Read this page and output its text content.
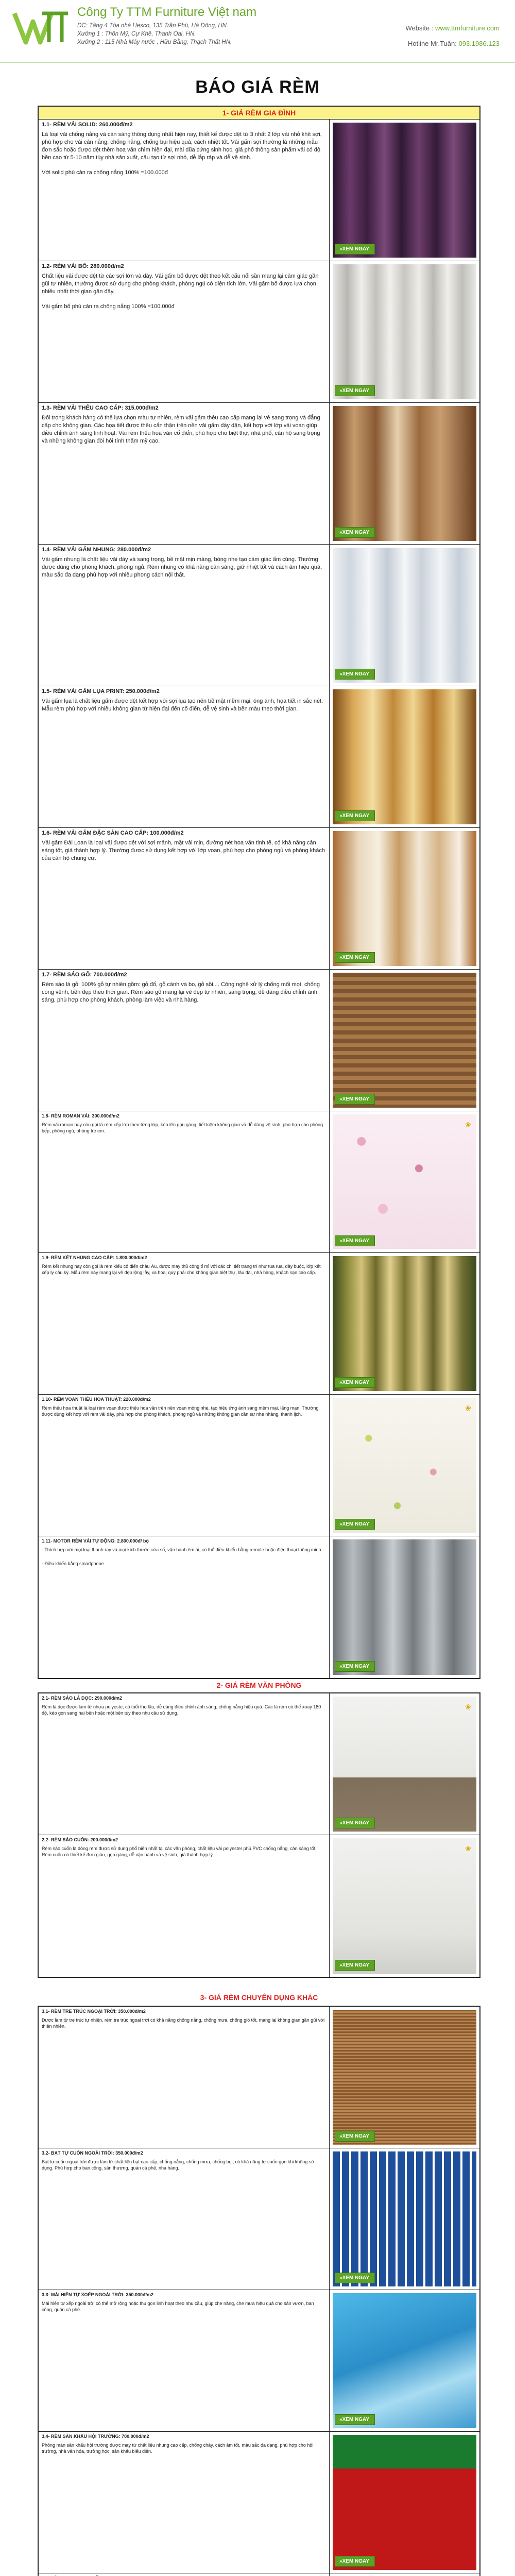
Công Ty TTM Furniture Việt nam
ĐC: Tầng 4 Tòa nhà Hesco, 135 Trần Phú, Hà Đông, HN.
Xưởng 1 : Thôn Mỹ, Cự Khê, Thanh Oai, HN.
Xưởng 2 : 115 Nhà Máy nước , Hữu Bằng, Thạch Thất HN.
Website : www.ttmfurniture.com
Hotline Mr.Tuấn: 093.1986.123
BÁO GIÁ RÈM
1- GIÁ RÈM GIA ĐÌNH
1.1- RÈM VẢI SOLID: 260.000đ/m2
Là loại vải chống nắng và cản sáng thông dụng nhất hiện nay, thiết kế được dệt từ 3 nhất 2 lớp vải nhỏ khít sợi, phù hợp cho vải cản nắng, chống nắng, chống bụi hiệu quả, cách nhiệt tốt. Vải gấm sợi thường là những mẫu đơn sắc hoặc được dệt thêm hoa văn chìm hiện đại, mài dũa cứng sinh học, giá phổ thông sản phẩm vải có độ bền cao từ 5-10 năm tùy nhà sản xuất, cấu tạo từ sợi nhỏ, dễ lắp ráp và dễ vệ sinh.
Với solid phù cản ra chống nắng 100% =100.000đ
» XEM NGAY
1.2- RÈM VẢI BỐ: 280.000đ/m2
Chất liệu vải được dệt từ các sợi lớn và dày. Vải gấm bố được dệt theo kết cấu nổi sần mang lại cảm giác gần gũi tự nhiên, thường được sử dụng cho phòng khách, phòng ngủ có diện tích lớn. Vải gấm bố được lựa chọn nhiều nhất thời gian gần đây.
Vải gấm bố phù cản ra chống nắng 100% =100.000đ
» XEM NGAY
1.3- RÈM VẢI THÊU CAO CẤP: 315.000đ/m2
Đối trọng khách hàng có thể lựa chọn màu tự nhiên, rèm vải gấm thêu cao cấp mang lại vẻ sang trọng và đẳng cấp cho không gian. Các họa tiết được thêu cẩn thận trên nền vải gấm dày dặn, kết hợp với lớp vải voan giúp điều chỉnh ánh sáng linh hoạt. Vải rèm thêu hoa văn cổ điển, phù hợp cho biệt thự, nhà phố, căn hộ sang trọng và những không gian đòi hỏi tính thẩm mỹ cao.
» XEM NGAY
1.4- RÈM VẢI GẤM NHUNG: 280.000đ/m2
Vải gấm nhung là chất liệu vải dày và sang trọng, bề mặt mịn màng, bóng nhẹ tạo cảm giác ấm cúng. Thường được dùng cho phòng khách, phòng ngủ. Rèm nhung có khả năng cản sáng, giữ nhiệt tốt và cách âm hiệu quả, màu sắc đa dạng phù hợp với nhiều phong cách nội thất.
» XEM NGAY
1.5- RÈM VẢI GẤM LỤA PRINT: 250.000đ/m2
Vải gấm lụa là chất liệu gấm được dệt kết hợp với sợi lụa tạo nên bề mặt mềm mại, óng ánh, họa tiết in sắc nét. Mẫu rèm phù hợp với nhiều không gian từ hiện đại đến cổ điển, dễ vệ sinh và bền màu theo thời gian.
» XEM NGAY
1.6- RÈM VẢI GẤM ĐẶC SẢN CAO CẤP: 100.000đ/m2
Vải gấm Đài Loan là loại vải được dệt với sợi mảnh, mặt vải mịn, đường nét hoa văn tinh tế, có khả năng cản sáng tốt, giá thành hợp lý. Thường được sử dụng kết hợp với lớp voan, phù hợp cho phòng ngủ và phòng khách của căn hộ chung cư.
» XEM NGAY
1.7- RÈM SÁO GỖ: 700.000đ/m2
Rèm sáo lá gỗ: 100% gỗ tự nhiên gồm: gỗ đổ, gỗ cánh và bo, gỗ sồi,... Công nghệ xử lý chống mối mọt, chống cong vênh, bền đẹp theo thời gian. Rèm sáo gỗ mang lại vẻ đẹp tự nhiên, sang trọng, dễ dàng điều chỉnh ánh sáng, phù hợp cho phòng khách, phòng làm việc và nhà hàng.
» XEM NGAY
1.8- RÈM ROMAN VẢI: 300.000đ/m2
Rèm vải roman hay còn gọi là rèm xếp lớp theo từng lớp, kéo lên gọn gàng, tiết kiệm không gian và dễ dàng vệ sinh, phù hợp cho phòng bếp, phòng ngủ, phòng trẻ em.
❀
» XEM NGAY
1.9- RÈM KẾT NHUNG CAO CẤP: 1.800.000đ/m2
Rèm kết nhung hay còn gọi là rèm kiểu cổ điển châu Âu, được may thủ công tỉ mỉ với các chi tiết trang trí như tua rua, dây buộc, lớp kết xếp ly cầu kỳ. Mẫu rèm này mang lại vẻ đẹp lộng lẫy, xa hoa, quý phái cho không gian biệt thự, lâu đài, nhà hàng, khách sạn cao cấp.
» XEM NGAY
1.10- RÈM VOAN THÊU HOA THUẬT: 220.000đ/m2
Rèm thêu hoa thuật là loại rèm voan được thêu hoa văn trên nền voan mỏng nhẹ, tạo hiệu ứng ánh sáng mềm mại, lãng mạn. Thường được dùng kết hợp với rèm vải dày, phù hợp cho phòng khách, phòng ngủ và những không gian cần sự nhẹ nhàng, thanh lịch.
❀
» XEM NGAY
1.11- MOTOR RÈM VẢI TỰ ĐỘNG: 2.800.000đ/ bộ
- Thích hợp với mọi loại thanh ray và mọi kích thước cửa sổ, vận hành êm ái, có thể điều khiển bằng remote hoặc điện thoại thông minh.
- Điều khiển bằng smartphone
» XEM NGAY
2- GIÁ RÈM VĂN PHÒNG
2.1- RÈM SÁO LÁ DỌC: 290.000đ/m2
Rèm lá dọc được làm từ nhựa polyeste, có tuổi thọ lâu, dễ dàng điều chỉnh ánh sáng, chống nắng hiệu quả. Các lá rèm có thể xoay 180 độ, kéo gọn sang hai bên hoặc một bên tùy theo nhu cầu sử dụng.
❀
» XEM NGAY
2.2- RÈM SÁO CUỐN: 200.000đ/m2
Rèm sáo cuốn là dòng rèm được sử dụng phổ biến nhất tại các văn phòng, chất liệu vải polyester phủ PVC chống nắng, cản sáng tốt. Rèm cuốn có thiết kế đơn giản, gọn gàng, dễ vận hành và vệ sinh, giá thành hợp lý.
❀
» XEM NGAY
3- GIÁ RÈM CHUYÊN DỤNG KHÁC
3.1- RÈM TRE TRÚC NGOẠI TRỜI: 350.000đ/m2
Được làm từ tre trúc tự nhiên, rèm tre trúc ngoại trời có khả năng chống nắng, chống mưa, chống gió tốt, mang lại không gian gần gũi với thiên nhiên.
» XEM NGAY
3.2- BẠT TỰ CUỐN NGOÀI TRỜI: 350.000đ/m2
Bạt tự cuốn ngoài trời được làm từ chất liệu bạt cao cấp, chống nắng, chống mưa, chống bụi, có khả năng tự cuốn gọn khi không sử dụng. Phù hợp cho ban công, sân thượng, quán cà phê, nhà hàng.
» XEM NGAY
3.3- MÁI HIÊN TỰ XOẾP NGOÀI TRỜI: 350.000đ/m2
Mái hiên tự xếp ngoài trời có thể mở rộng hoặc thu gọn linh hoạt theo nhu cầu, giúp che nắng, che mưa hiệu quả cho sân vườn, ban công, quán cà phê.
» XEM NGAY
3.4- RÈM SÂN KHẤU HỘI TRƯỜNG: 700.000đ/m2
Phông màn sân khấu hội trường được may từ chất liệu nhung cao cấp, chống cháy, cách âm tốt, màu sắc đa dạng, phù hợp cho hội trường, nhà văn hóa, trường học, sân khấu biểu diễn.
» XEM NGAY
